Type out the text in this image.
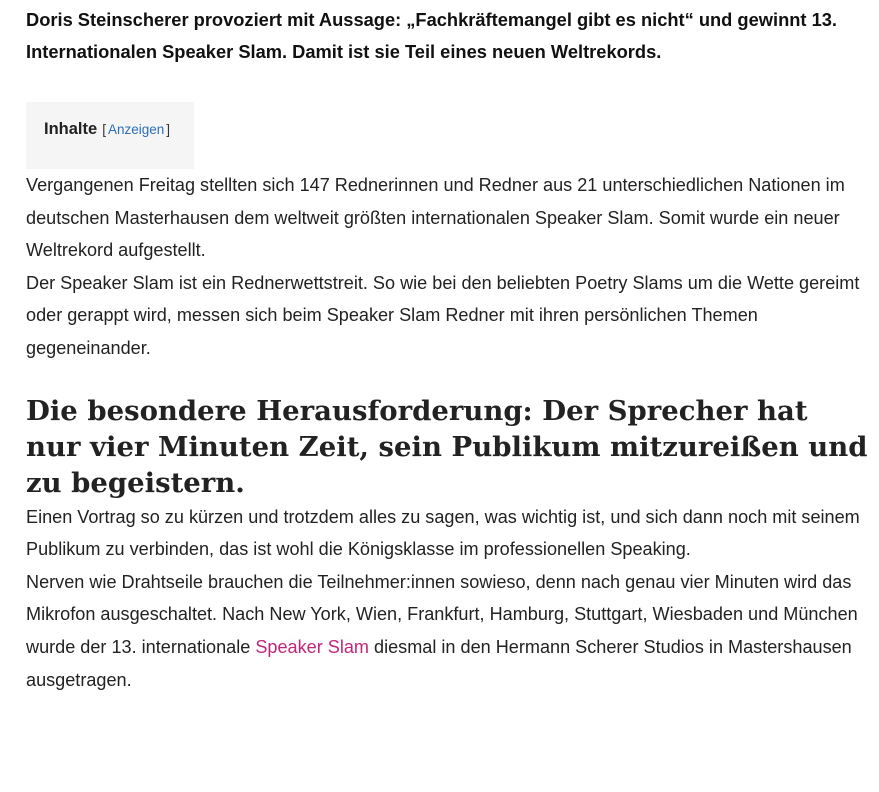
Doris Steinscherer provoziert mit Aussage: „Fachkräftemangel gibt es nicht“ und gewinnt 13. Internationalen Speaker Slam. Damit ist sie Teil eines neuen Weltrekords.

Inhalte [ Anzeigen ]

Vergangenen Freitag stellten sich 147 Rednerinnen und Redner aus 21 unterschiedlichen Nationen im deutschen Masterhausen dem weltweit größten internationalen Speaker Slam. Somit wurde ein neuer Weltrekord aufgestellt.

Der Speaker Slam ist ein Rednerwettstreit. So wie bei den beliebten Poetry Slams um die Wette gereimt oder gerappt wird, messen sich beim Speaker Slam Redner mit ihren persönlichen Themen gegeneinander.

Die besondere Herausforderung: Der Sprecher hat nur vier Minuten Zeit, sein Publikum mitzureißen und zu begeistern.

Einen Vortrag so zu kürzen und trotzdem alles zu sagen, was wichtig ist, und sich dann noch mit seinem Publikum zu verbinden, das ist wohl die Königsklasse im professionellen Speaking.

Nerven wie Drahtseile brauchen die Teilnehmer:innen sowieso, denn nach genau vier Minuten wird das Mikrofon ausgeschaltet. Nach New York, Wien, Frankfurt, Hamburg, Stuttgart, Wiesbaden und München wurde der 13. internationale Speaker Slam diesmal in den Hermann Scherer Studios in Mastershausen ausgetragen.
